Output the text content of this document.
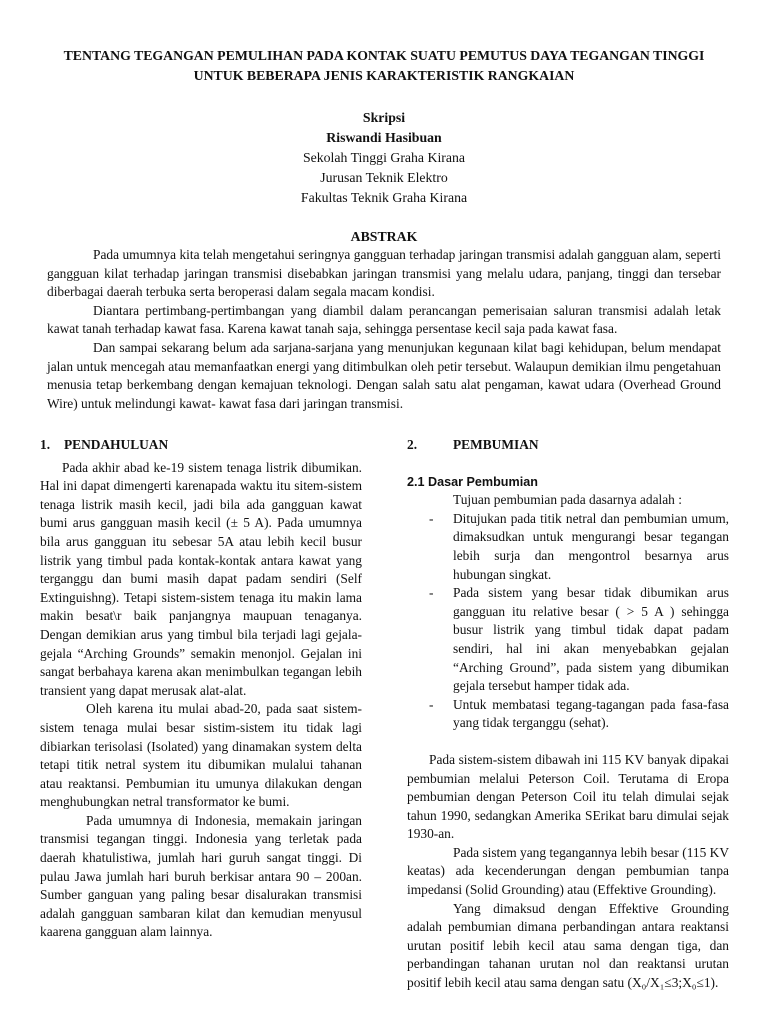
TENTANG TEGANGAN PEMULIHAN PADA KONTAK SUATU PEMUTUS DAYA TEGANGAN TINGGI UNTUK BEBERAPA JENIS KARAKTERISTIK RANGKAIAN
Skripsi
Riswandi Hasibuan
Sekolah Tinggi Graha Kirana
Jurusan Teknik Elektro
Fakultas Teknik Graha Kirana
ABSTRAK

Pada umumnya kita telah mengetahui seringnya gangguan terhadap jaringan transmisi adalah gangguan alam, seperti gangguan kilat terhadap jaringan transmisi disebabkan jaringan transmisi yang melalu udara, panjang, tinggi dan tersebar diberbagai daerah terbuka serta beroperasi dalam segala macam kondisi.

Diantara pertimbang-pertimbangan yang diambil dalam perancangan pemerisaian saluran transmisi adalah letak kawat tanah terhadap kawat fasa. Karena kawat tanah saja, sehingga persentase kecil saja pada kawat fasa.

Dan sampai sekarang belum ada sarjana-sarjana yang menunjukan kegunaan kilat bagi kehidupan, belum mendapat jalan untuk mencegah atau memanfaatkan energi yang ditimbulkan oleh petir tersebut. Walaupun demikian ilmu pengetahuan menusia tetap berkembang dengan kemajuan teknologi. Dengan salah satu alat pengaman, kawat udara (Overhead Ground Wire) untuk melindungi kawat- kawat fasa dari jaringan transmisi.

1. PENDAHULUAN

Pada akhir abad ke-19 sistem tenaga listrik dibumikan. Hal ini dapat dimengerti karenapada waktu itu sitem-sistem tenaga listrik masih kecil, jadi bila ada gangguan kawat bumi arus gangguan masih kecil (± 5 A). Pada umumnya bila arus gangguan itu sebesar 5A atau lebih kecil busur listrik yang timbul pada kontak-kontak antara kawat yang terganggu dan bumi masih dapat padam sendiri (Self Extinguishng). Tetapi sistem-sistem tenaga itu makin lama makin besat\r baik panjangnya maupuan tenaganya. Dengan demikian arus yang timbul bila terjadi lagi gejala-gejala “Arching Grounds” semakin menonjol. Gejalan ini sangat berbahaya karena akan menimbulkan tegangan lebih transient yang dapat merusak alat-alat.

Oleh karena itu mulai abad-20, pada saat sistem-sistem tenaga mulai besar sistim-sistem itu tidak lagi dibiarkan terisolasi (Isolated) yang dinamakan system delta tetapi titik netral system itu dibumikan mulalui tahanan atau reaktansi. Pembumian itu umunya dilakukan dengan menghubungkan netral transformator ke bumi.

Pada umumnya di Indonesia, memakain jaringan transmisi tegangan tinggi. Indonesia yang terletak pada daerah khatulistiwa, jumlah hari guruh sangat tinggi. Di pulau Jawa jumlah hari buruh berkisar antara 90 – 200an. Sumber ganguan yang paling besar disalurakan transmisi adalah gangguan sambaran kilat dan kemudian menyusul kaarena gangguan alam lainnya.

2.	PEMBUMIAN
2.1 Dasar Pembumian

Tujuan pembumian pada dasarnya adalah :

- Ditujukan pada titik netral dan pembumian umum, dimaksudkan untuk mengurangi besar tegangan lebih surja dan mengontrol besarnya arus hubungan singkat.
- Pada sistem yang besar tidak dibumikan arus gangguan itu relative besar ( > 5 A ) sehingga busur listrik yang timbul tidak dapat padam sendiri, hal ini akan menyebabkan gejalan “Arching Ground”, pada sistem yang dibumikan gejala tersebut hamper tidak ada.
- Untuk membatasi tegang-tagangan pada fasa-fasa yang tidak terganggu (sehat).

Pada sistem-sistem dibawah ini 115 KV banyak dipakai pembumian melalui Peterson Coil. Terutama di Eropa pembumian dengan Peterson Coil itu telah dimulai sejak tahun 1990, sedangkan Amerika SErikat baru dimulai sejak 1930-an.

Pada sistem yang tegangannya lebih besar (115 KV keatas) ada kecenderungan dengan pembumian tanpa impedansi (Solid Grounding) atau (Effektive Grounding).

Yang dimaksud dengan Effektive Grounding adalah pembumian dimana perbandingan antara reaktansi urutan positif lebih kecil atau sama dengan tiga, dan perbandingan tahanan urutan nol dan reaktansi urutan positif lebih kecil atau sama dengan satu (X₀/X₁≤3;X₀≤1).
